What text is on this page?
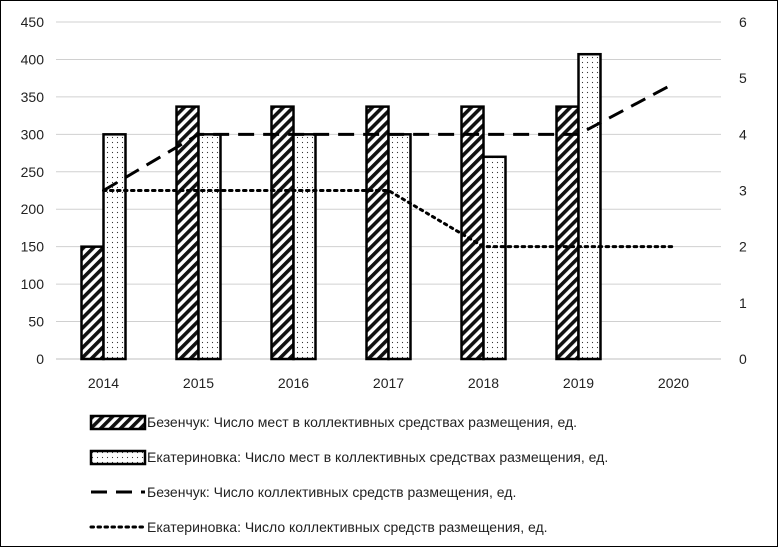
0
50
100
150
200
250
300
350
400
450
0
1
2
3
4
5
6
2014	2015	2016	2017	2018	2019	2020
Безенчук: Число мест в коллективных средствах размещения, ед.
Екатериновка: Число мест в коллективных средствах размещения, ед.
Безенчук: Число коллективных средств размещения, ед.
Екатериновка: Число коллективных средств размещения, ед.
